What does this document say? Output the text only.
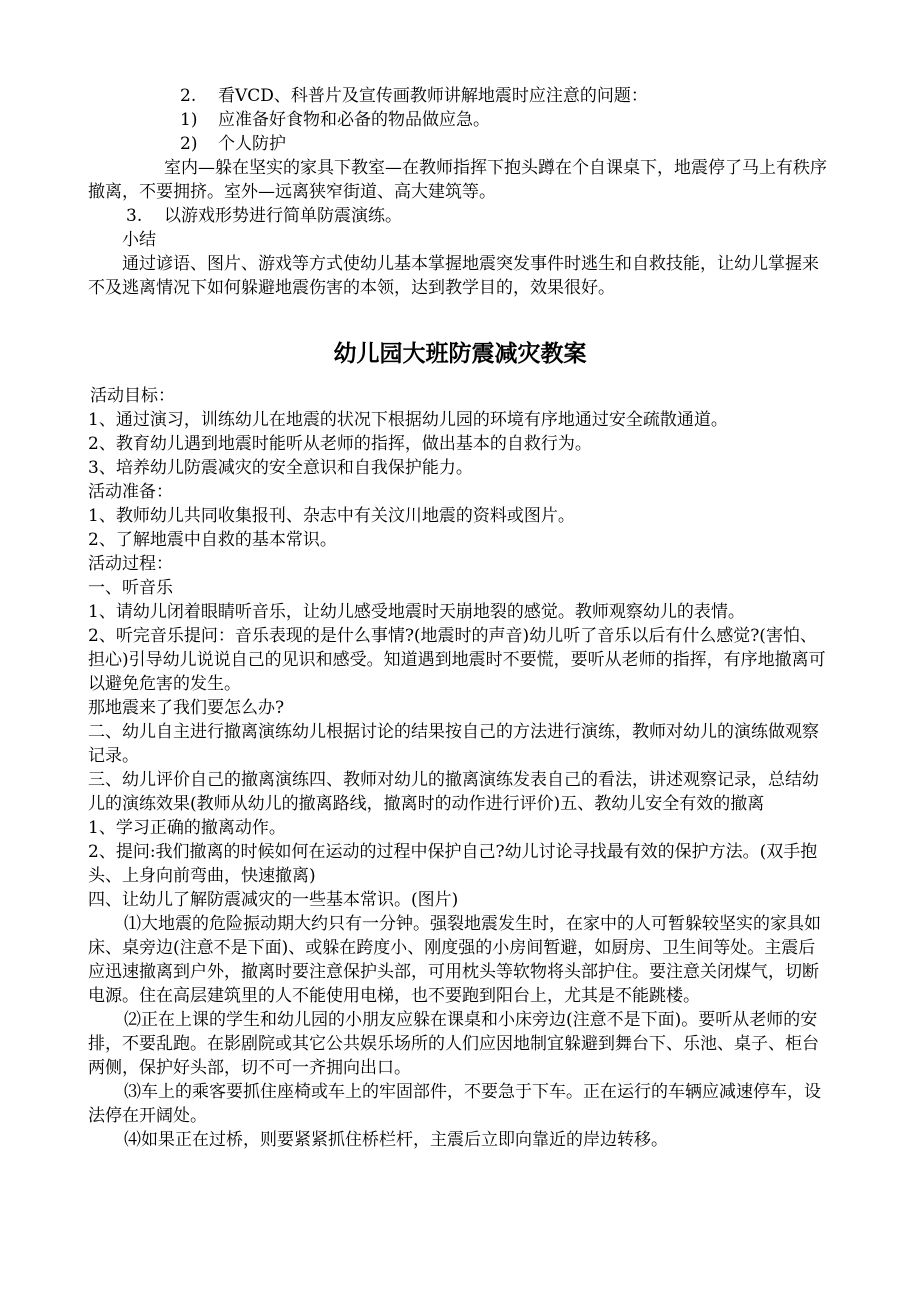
2.	看VCD、科普片及宣传画教师讲解地震时应注意的问题：

1)	应准备好食物和必备的物品做应急。

2)	个人防护

室内—躲在坚实的家具下教室—在教师指挥下抱头蹲在个自课桌下，地震停了马上有秩序撤离，不要拥挤。室外—远离狭窄街道、高大建筑等。

3.	以游戏形势进行简单防震演练。

小结

通过谚语、图片、游戏等方式使幼儿基本掌握地震突发事件时逃生和自救技能，让幼儿掌握来不及逃离情况下如何躲避地震伤害的本领，达到教学目的，效果很好。

幼儿园大班防震减灾教案

活动目标：

1、通过演习，训练幼儿在地震的状况下根据幼儿园的环境有序地通过安全疏散通道。

2、教育幼儿遇到地震时能听从老师的指挥，做出基本的自救行为。

3、培养幼儿防震减灾的安全意识和自我保护能力。

活动准备：

1、教师幼儿共同收集报刊、杂志中有关汶川地震的资料或图片。

2、了解地震中自救的基本常识。

活动过程：

一、听音乐

1、请幼儿闭着眼睛听音乐，让幼儿感受地震时天崩地裂的感觉。教师观察幼儿的表情。

2、听完音乐提问：音乐表现的是什么事情?(地震时的声音)幼儿听了音乐以后有什么感觉?(害怕、担心)引导幼儿说说自己的见识和感受。知道遇到地震时不要慌，要听从老师的指挥，有序地撤离可以避免危害的发生。

那地震来了我们要怎么办?

二、幼儿自主进行撤离演练幼儿根据讨论的结果按自己的方法进行演练，教师对幼儿的演练做观察记录。

三、幼儿评价自己的撤离演练四、教师对幼儿的撤离演练发表自己的看法，讲述观察记录，总结幼儿的演练效果(教师从幼儿的撤离路线，撤离时的动作进行评价)五、教幼儿安全有效的撤离

1、学习正确的撤离动作。

2、提问:我们撤离的时候如何在运动的过程中保护自己?幼儿讨论寻找最有效的保护方法。(双手抱头、上身向前弯曲，快速撤离)

四、让幼儿了解防震减灾的一些基本常识。(图片)

⑴大地震的危险振动期大约只有一分钟。强裂地震发生时，在家中的人可暂躲较坚实的家具如床、桌旁边(注意不是下面)、或躲在跨度小、刚度强的小房间暂避，如厨房、卫生间等处。主震后应迅速撤离到户外，撤离时要注意保护头部，可用枕头等软物将头部护住。要注意关闭煤气，切断电源。住在高层建筑里的人不能使用电梯，也不要跑到阳台上，尤其是不能跳楼。

⑵正在上课的学生和幼儿园的小朋友应躲在课桌和小床旁边(注意不是下面)。要听从老师的安排，不要乱跑。在影剧院或其它公共娱乐场所的人们应因地制宜躲避到舞台下、乐池、桌子、柜台两侧，保护好头部，切不可一齐拥向出口。

⑶车上的乘客要抓住座椅或车上的牢固部件，不要急于下车。正在运行的车辆应减速停车，设法停在开阔处。

⑷如果正在过桥，则要紧紧抓住桥栏杆，主震后立即向靠近的岸边转移。
